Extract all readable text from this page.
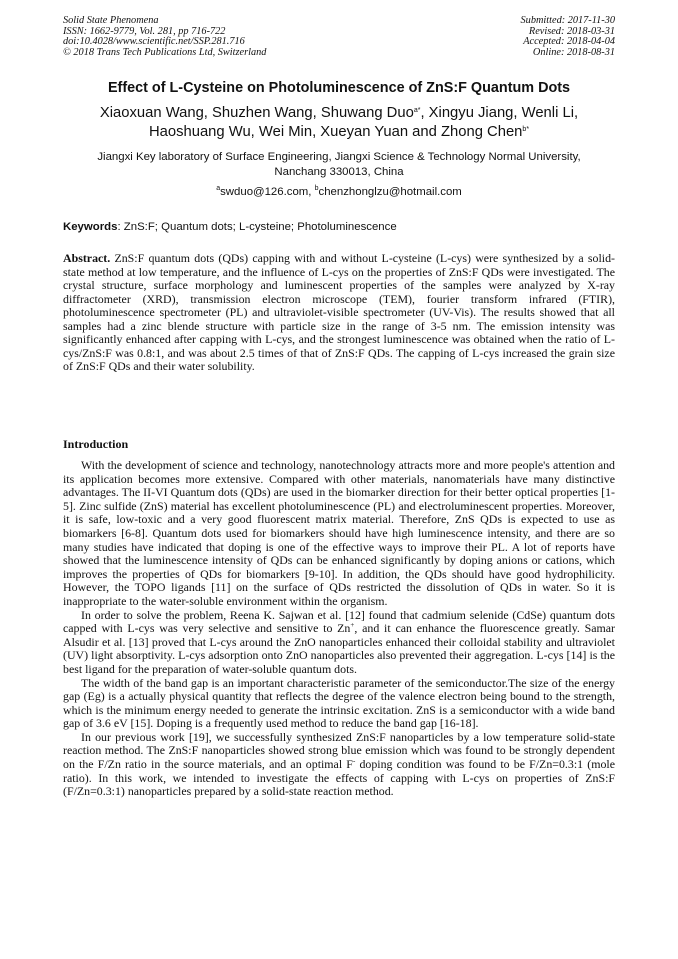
Solid State Phenomena
ISSN: 1662-9779, Vol. 281, pp 716-722
doi:10.4028/www.scientific.net/SSP.281.716
© 2018 Trans Tech Publications Ltd, Switzerland
Submitted: 2017-11-30
Revised: 2018-03-31
Accepted: 2018-04-04
Online: 2018-08-31
Effect of L-Cysteine on Photoluminescence of ZnS:F Quantum Dots
Xiaoxuan Wang, Shuzhen Wang, Shuwang Duo$^{a*}$, Xingyu Jiang, Wenli Li,
Haoshuang Wu, Wei Min, Xueyan Yuan and Zhong Chen$^{b*}$
Jiangxi Key laboratory of Surface Engineering, Jiangxi Science & Technology Normal University,
Nanchang 330013, China
$^a$swduo@126.com, $^b$chenzhonglzu@hotmail.com
Keywords: ZnS:F; Quantum dots; L-cysteine; Photoluminescence
Abstract. ZnS:F quantum dots (QDs) capping with and without L-cysteine (L-cys) were synthesized by a solid-state method at low temperature, and the influence of L-cys on the properties of ZnS:F QDs were investigated. The crystal structure, surface morphology and luminescent properties of the samples were analyzed by X-ray diffractometer (XRD), transmission electron microscope (TEM), fourier transform infrared (FTIR), photoluminescence spectrometer (PL) and ultraviolet-visible spectrometer (UV-Vis). The results showed that all samples had a zinc blende structure with particle size in the range of 3-5 nm. The emission intensity was significantly enhanced after capping with L-cys, and the strongest luminescence was obtained when the ratio of L-cys/ZnS:F was 0.8:1, and was about 2.5 times of that of ZnS:F QDs. The capping of L-cys increased the grain size of ZnS:F QDs and their water solubility.
Introduction

With the development of science and technology, nanotechnology attracts more and more people's attention and its application becomes more extensive. Compared with other materials, nanomaterials have many distinctive advantages. The II-VI Quantum dots (QDs) are used in the biomarker direction for their better optical properties [1-5]. Zinc sulfide (ZnS) material has excellent photoluminescence (PL) and electroluminescent properties. Moreover, it is safe, low-toxic and a very good fluorescent matrix material. Therefore, ZnS QDs is expected to use as biomarkers [6-8]. Quantum dots used for biomarkers should have high luminescence intensity, and there are so many studies have indicated that doping is one of the effective ways to improve their PL. A lot of reports have showed that the luminescence intensity of QDs can be enhanced significantly by doping anions or cations, which improves the properties of QDs for biomarkers [9-10]. In addition, the QDs should have good hydrophilicity. However, the TOPO ligands [11] on the surface of QDs restricted the dissolution of QDs in water. So it is inappropriate to the water-soluble environment within the organism.

In order to solve the problem, Reena K. Sajwan et al. [12] found that cadmium selenide (CdSe) quantum dots capped with L-cys was very selective and sensitive to Zn+, and it can enhance the fluorescence greatly. Samar Alsudir et al. [13] proved that L-cys around the ZnO nanoparticles enhanced their colloidal stability and ultraviolet (UV) light absorptivity. L-cys adsorption onto ZnO nanoparticles also prevented their aggregation. L-cys [14] is the best ligand for the preparation of water-soluble quantum dots.

The width of the band gap is an important characteristic parameter of the semiconductor.The size of the energy gap (Eg) is a actually physical quantity that reflects the degree of the valence electron being bound to the strength, which is the minimum energy needed to generate the intrinsic excitation. ZnS is a semiconductor with a wide band gap of 3.6 eV [15]. Doping is a frequently used method to reduce the band gap [16-18].

In our previous work [19], we successfully synthesized ZnS:F nanoparticles by a low temperature solid-state reaction method. The ZnS:F nanoparticles showed strong blue emission which was found to be strongly dependent on the F/Zn ratio in the source materials, and an optimal F- doping condition was found to be F/Zn=0.3:1 (mole ratio). In this work, we intended to investigate the effects of capping with L-cys on properties of ZnS:F (F/Zn=0.3:1) nanoparticles prepared by a solid-state reaction method.
